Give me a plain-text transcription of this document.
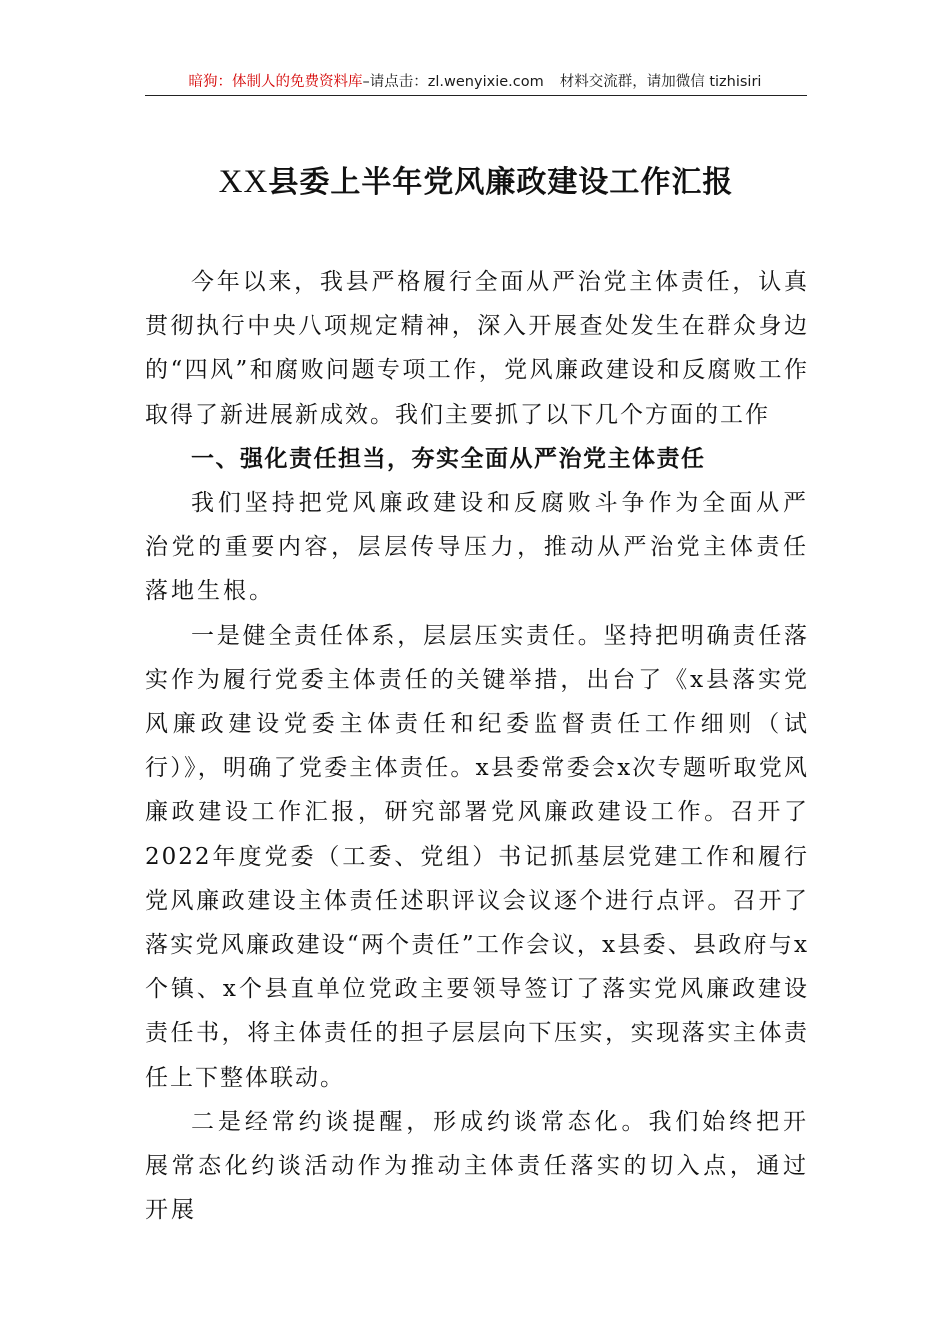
暗狗：体制人的免费资料库–请点击：zl.wenyixie.com 材料交流群，请加微信 tizhisiri
XX县委上半年党风廉政建设工作汇报

今年以来，我县严格履行全面从严治党主体责任，认真贯彻执行中央八项规定精神，深入开展查处发生在群众身边的“四风”和腐败问题专项工作，党风廉政建设和反腐败工作取得了新进展新成效。我们主要抓了以下几个方面的工作

一、强化责任担当，夯实全面从严治党主体责任

我们坚持把党风廉政建设和反腐败斗争作为全面从严治党的重要内容，层层传导压力，推动从严治党主体责任落地生根。

一是健全责任体系，层层压实责任。坚持把明确责任落实作为履行党委主体责任的关键举措，出台了《x县落实党风廉政建设党委主体责任和纪委监督责任工作细则（试行）》，明确了党委主体责任。x县委常委会x次专题听取党风廉政建设工作汇报，研究部署党风廉政建设工作。召开了2022年度党委（工委、党组）书记抓基层党建工作和履行党风廉政建设主体责任述职评议会议逐个进行点评。召开了落实党风廉政建设“两个责任”工作会议，x县委、县政府与x个镇、x个县直单位党政主要领导签订了落实党风廉政建设责任书，将主体责任的担子层层向下压实，实现落实主体责任上下整体联动。

二是经常约谈提醒，形成约谈常态化。我们始终把开展常态化约谈活动作为推动主体责任落实的切入点，通过开展
